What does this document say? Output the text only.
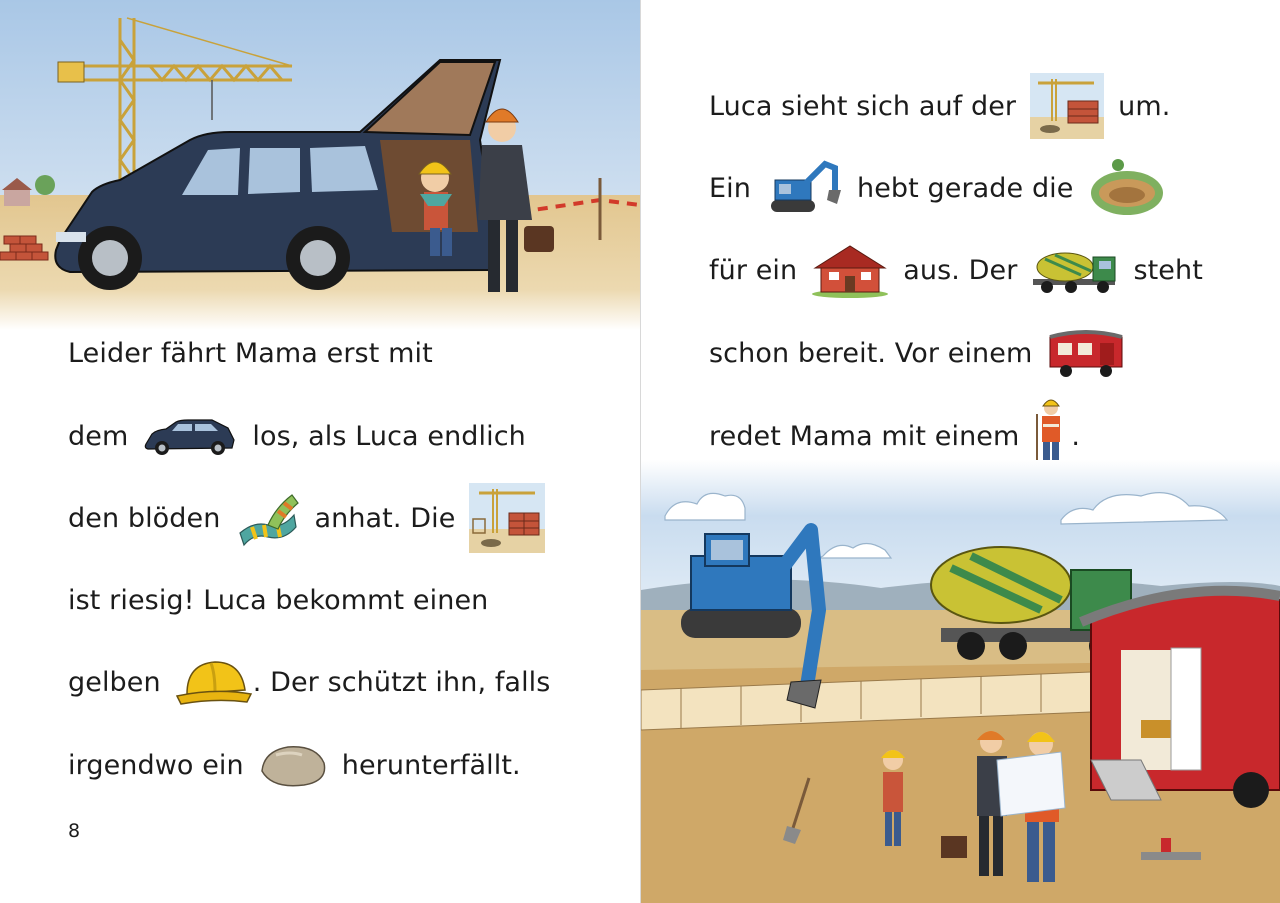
Leider fährt Mama erst mit
dem	los, als Luca endlich
den blöden	anhat. Die
ist riesig! Luca bekommt einen
gelben	. Der schützt ihn, falls
irgendwo ein	herunterfällt.
8
Luca sieht sich auf der	um.
Ein	hebt gerade die
für ein	aus. Der	steht
schon bereit. Vor einem
redet Mama mit einem .
